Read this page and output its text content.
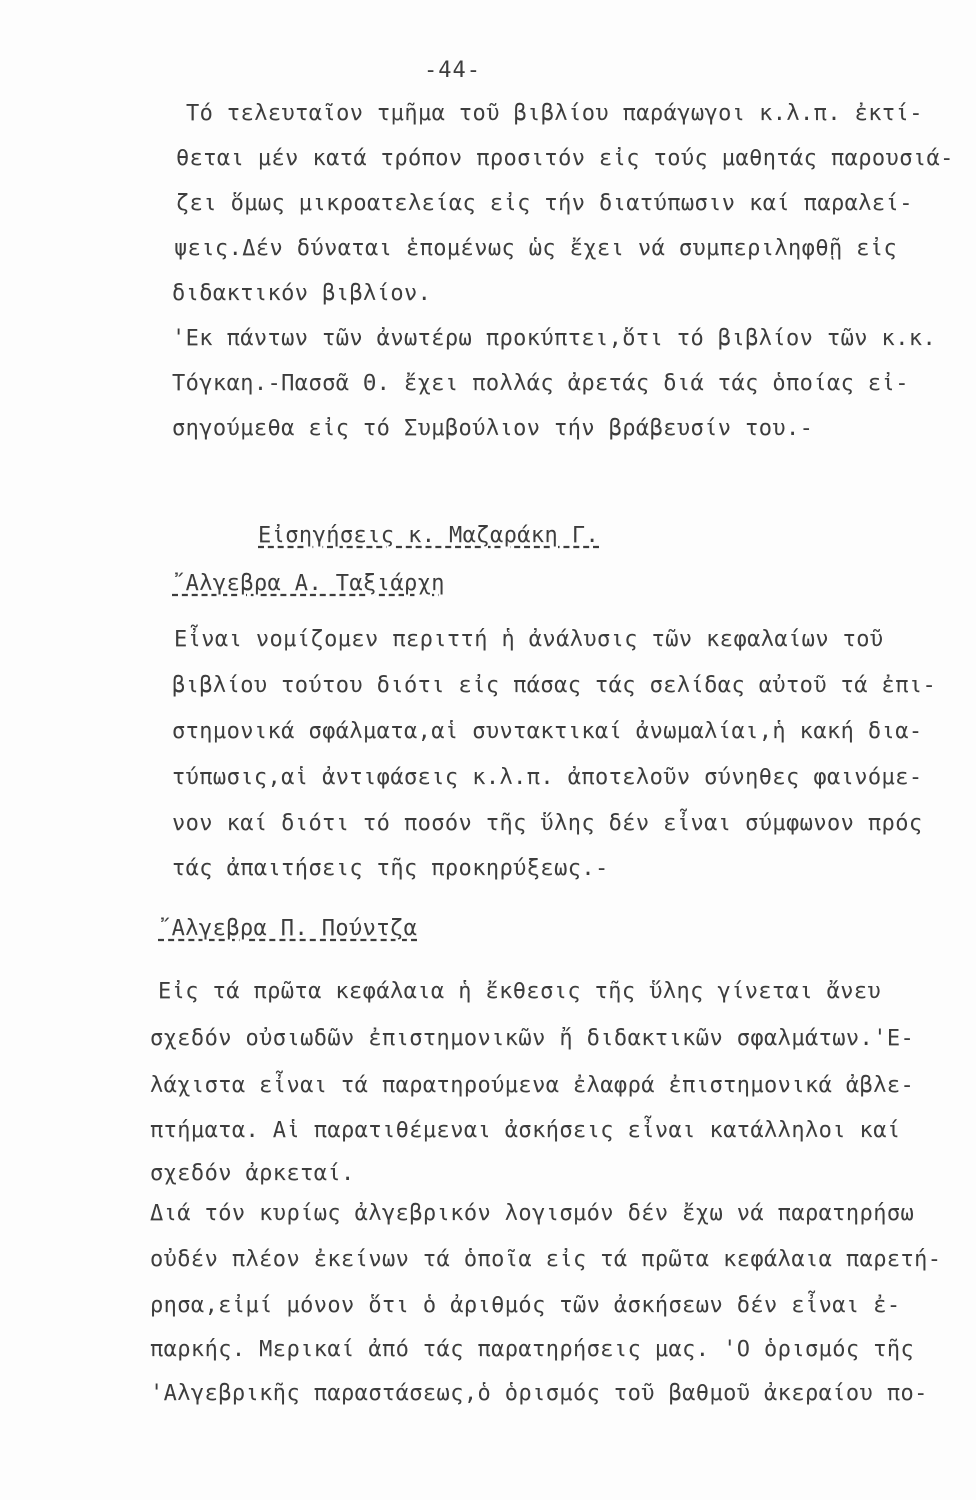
-44-
Τό τελευταῖον τμῆμα τοῦ βιβλίου παράγωγοι κ.λ.π. ἐκτί-
θεται μέν κατά τρόπον προσιτόν εἰς τούς μαθητάς παρουσιά-
ζει ὅμως μικροατελείας εἰς τήν διατύπωσιν καί παραλεί-
ψεις.Δέν δύναται ἑπομένως ὡς ἔχει νά συμπεριληφθῇ εἰς
διδακτικόν βιβλίον.
'Εκ πάντων τῶν ἀνωτέρω προκύπτει,ὅτι τό βιβλίον τῶν κ.κ.
Τόγκαη.-Πασσᾶ Θ. ἔχει πολλάς ἀρετάς διά τάς ὁποίας εἰ-
σηγούμεθα εἰς τό Συμβούλιον τήν βράβευσίν του.-
Εἰσηγήσεις κ. Μαζαράκη Γ.
῎Αλγεβρα Α. Ταξιάρχη
Εἶναι νομίζομεν περιττή ἡ ἀνάλυσις τῶν κεφαλαίων τοῦ
βιβλίου τούτου διότι εἰς πάσας τάς σελίδας αὐτοῦ τά ἐπι-
στημονικά σφάλματα,αἱ συντακτικαί ἀνωμαλίαι,ἡ κακή δια-
τύπωσις,αἱ ἀντιφάσεις κ.λ.π. ἀποτελοῦν σύνηθες φαινόμε-
νον καί διότι τό ποσόν τῆς ὕλης δέν εἶναι σύμφωνον πρός
τάς ἀπαιτήσεις τῆς προκηρύξεως.-
῎Αλγεβρα Π. Πούντζα
Εἰς τά πρῶτα κεφάλαια ἡ ἔκθεσις τῆς ὕλης γίνεται ἄνευ
σχεδόν οὐσιωδῶν ἐπιστημονικῶν ἤ διδακτικῶν σφαλμάτων.'Ε-
λάχιστα εἶναι τά παρατηρούμενα ἐλαφρά ἐπιστημονικά ἀβλε-
πτήματα. Αἱ παρατιθέμεναι ἀσκήσεις εἶναι κατάλληλοι καί
σχεδόν ἀρκεταί.
Διά τόν κυρίως ἀλγεβρικόν λογισμόν δέν ἔχω νά παρατηρήσω
οὐδέν πλέον ἐκείνων τά ὁποῖα εἰς τά πρῶτα κεφάλαια παρετή-
ρησα,εἰμί μόνον ὅτι ὁ ἀριθμός τῶν ἀσκήσεων δέν εἶναι ἐ-
παρκής. Μερικαί ἀπό τάς παρατηρήσεις μας. 'Ο ὁρισμός τῆς
'Αλγεβρικῆς παραστάσεως,ὁ ὁρισμός τοῦ βαθμοῦ ἀκεραίου πο-
